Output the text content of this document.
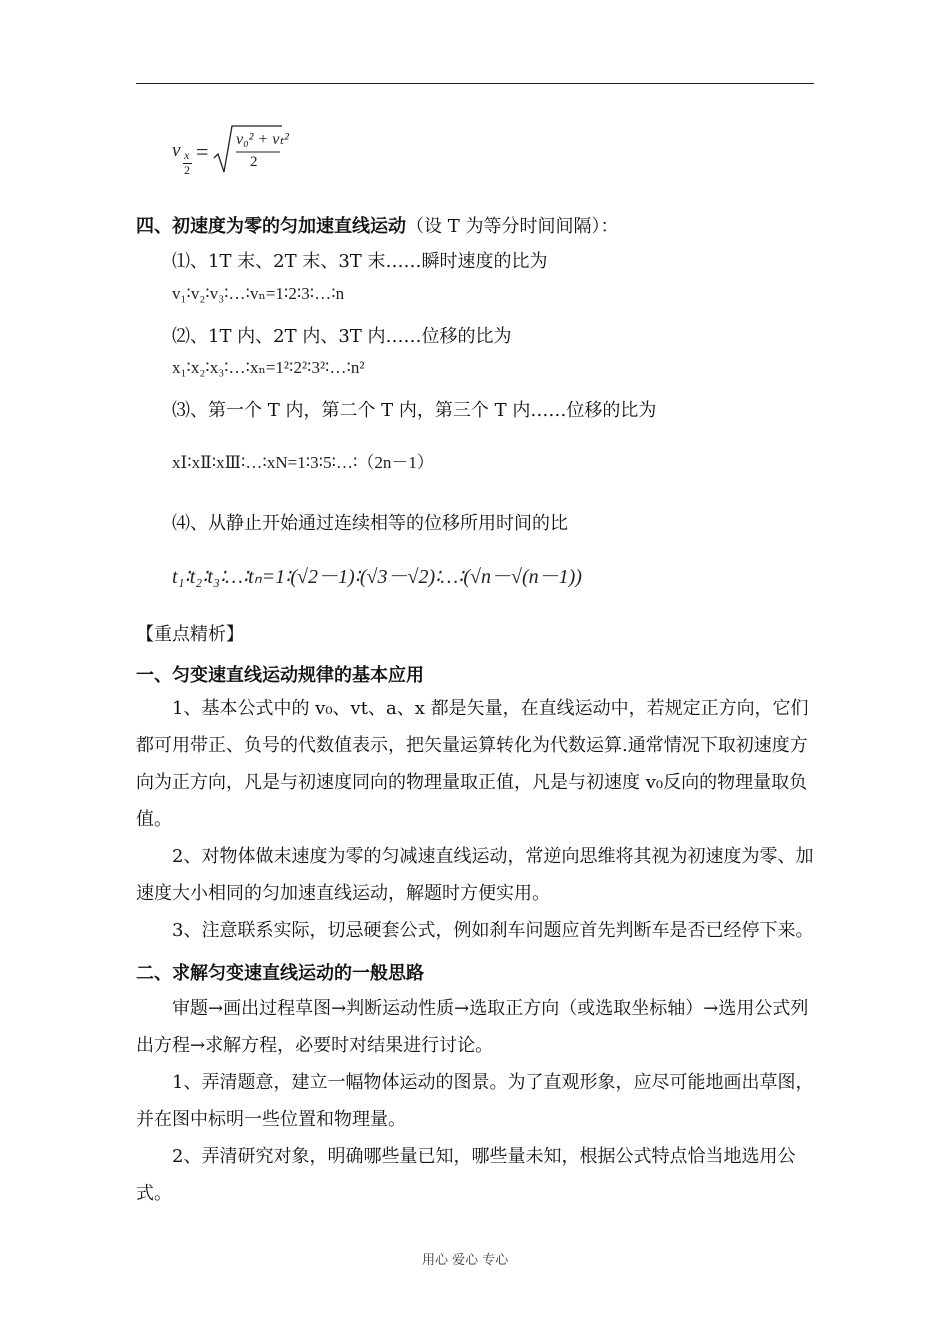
v x
2
= v₀² + vₜ²
2
四、初速度为零的匀加速直线运动（设 T 为等分时间间隔）：
⑴、1T 末、2T 末、3T 末……瞬时速度的比为
v₁∶v₂∶v₃∶…∶vₙ=1∶2∶3∶…∶n
⑵、1T 内、2T 内、3T 内……位移的比为
x₁∶x₂∶x₃∶…∶xₙ=1²∶2²∶3²∶…∶n²
⑶、第一个 T 内，第二个 T 内，第三个 T 内……位移的比为
xⅠ∶xⅡ∶xⅢ∶…∶xN=1∶3∶5∶…∶（2n－1）
⑷、从静止开始通过连续相等的位移所用时间的比
t₁∶t₂∶t₃∶…∶tₙ=1∶(√2－1)∶(√3－√2)∶…∶(√n－√(n－1))
【重点精析】
一、匀变速直线运动规律的基本应用
1、基本公式中的 v₀、vt、a、x 都是矢量，在直线运动中，若规定正方向，它们都可用带正、负号的代数值表示，把矢量运算转化为代数运算.通常情况下取初速度方向为正方向，凡是与初速度同向的物理量取正值，凡是与初速度 v₀反向的物理量取负值。
2、对物体做末速度为零的匀减速直线运动，常逆向思维将其视为初速度为零、加速度大小相同的匀加速直线运动，解题时方便实用。
3、注意联系实际，切忌硬套公式，例如刹车问题应首先判断车是否已经停下来。
二、求解匀变速直线运动的一般思路
审题→画出过程草图→判断运动性质→选取正方向（或选取坐标轴）→选用公式列出方程→求解方程，必要时对结果进行讨论。
1、弄清题意，建立一幅物体运动的图景。为了直观形象，应尽可能地画出草图，并在图中标明一些位置和物理量。
2、弄清研究对象，明确哪些量已知，哪些量未知，根据公式特点恰当地选用公式。
用心 爱心 专心
